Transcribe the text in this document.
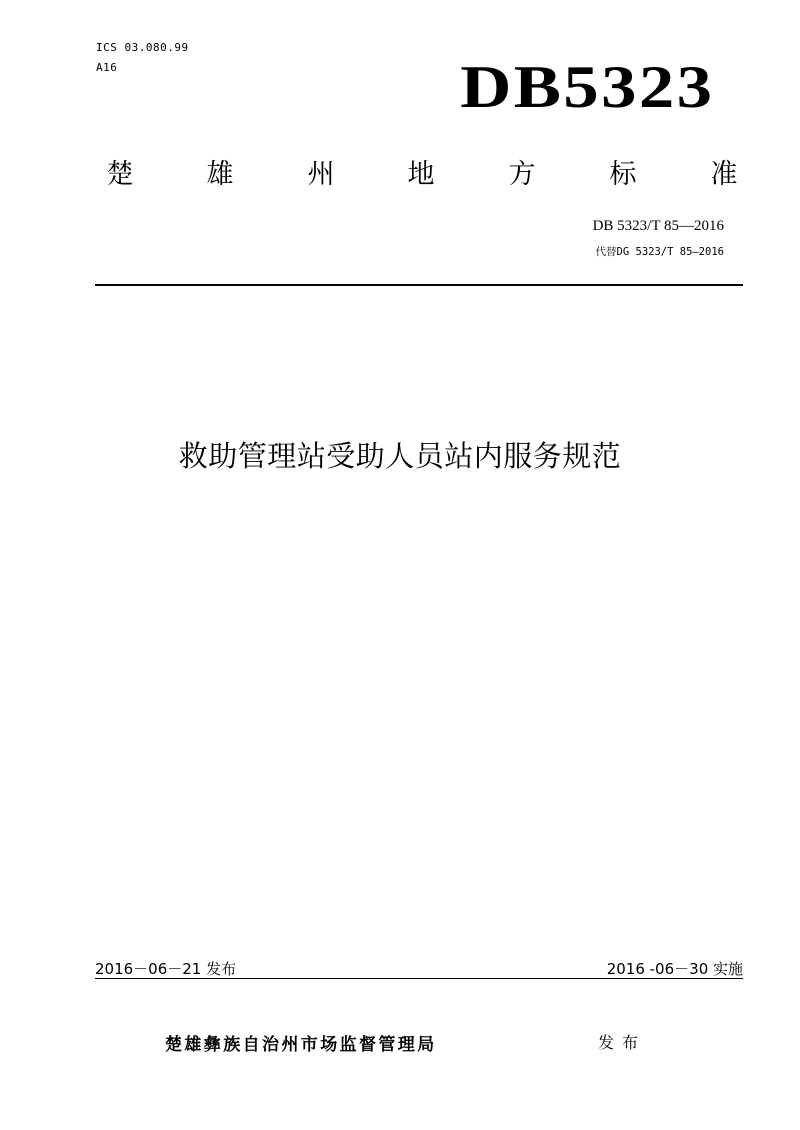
ICS 03.080.99
A16	DB5323
楚	雄	州	地	方	标	准
DB 5323/T 85—2016
代替DG 5323/T 85—2016
救助管理站受助人员站内服务规范
2016－06－21 发布	2016 -06－30 实施
楚雄彝族自治州市场监督管理局	发布
